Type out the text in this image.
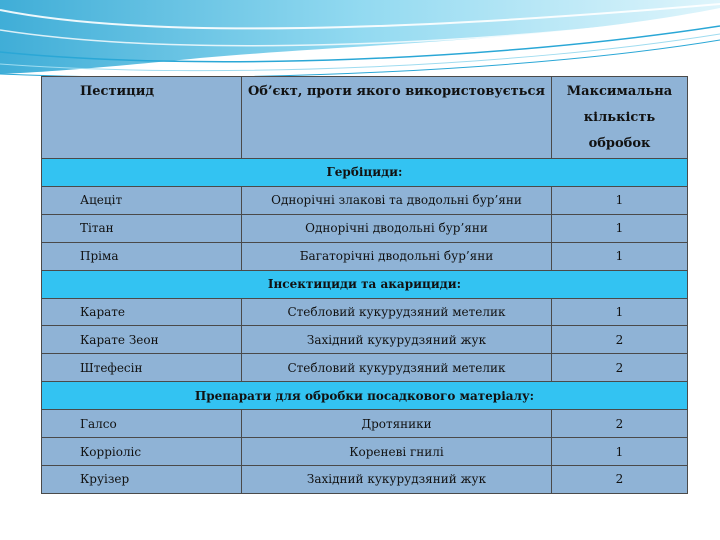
Пестицид	Об’єкт, проти якого використовується	Максимальна кількість обробок
Гербіциди:		
Ацеціт	Однорічні злакові та дводольні бур’яни	1
Тітан	Однорічні дводольні бур’яни	1
Пріма	Багаторічні дводольні бур’яни	1
Інсектициди та акарициди:		
Карате	Стебловий кукурудзяний метелик	1
Карате Зеон	Західний кукурудзяний жук	2
Штефесін	Стебловий кукурудзяний метелик	2
Препарати для обробки посадкового матеріалу:		
Галсо	Дротяники	2
Корріоліс	Кореневі гнилі	1
Круізер	Західний кукурудзяний жук	2
